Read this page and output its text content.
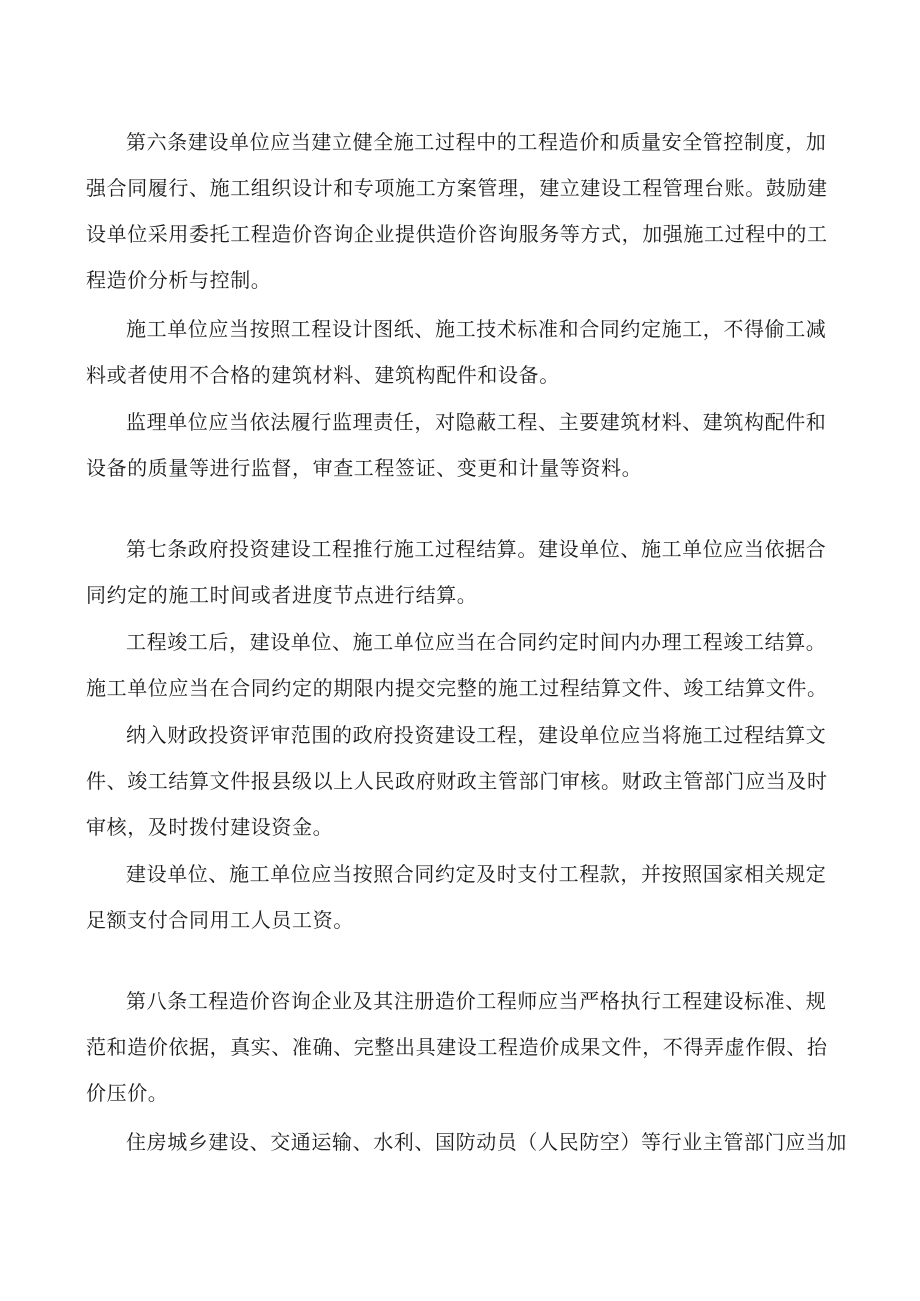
第六条建设单位应当建立健全施工过程中的工程造价和质量安全管控制度，加
强合同履行、施工组织设计和专项施工方案管理，建立建设工程管理台账。鼓励建
设单位采用委托工程造价咨询企业提供造价咨询服务等方式，加强施工过程中的工
程造价分析与控制。
施工单位应当按照工程设计图纸、施工技术标准和合同约定施工，不得偷工减
料或者使用不合格的建筑材料、建筑构配件和设备。
监理单位应当依法履行监理责任，对隐蔽工程、主要建筑材料、建筑构配件和
设备的质量等进行监督，审查工程签证、变更和计量等资料。
第七条政府投资建设工程推行施工过程结算。建设单位、施工单位应当依据合
同约定的施工时间或者进度节点进行结算。
工程竣工后，建设单位、施工单位应当在合同约定时间内办理工程竣工结算。
施工单位应当在合同约定的期限内提交完整的施工过程结算文件、竣工结算文件。
纳入财政投资评审范围的政府投资建设工程，建设单位应当将施工过程结算文
件、竣工结算文件报县级以上人民政府财政主管部门审核。财政主管部门应当及时
审核，及时拨付建设资金。
建设单位、施工单位应当按照合同约定及时支付工程款，并按照国家相关规定
足额支付合同用工人员工资。
第八条工程造价咨询企业及其注册造价工程师应当严格执行工程建设标准、规
范和造价依据，真实、准确、完整出具建设工程造价成果文件，不得弄虚作假、抬
价压价。
住房城乡建设、交通运输、水利、国防动员（人民防空）等行业主管部门应当加
